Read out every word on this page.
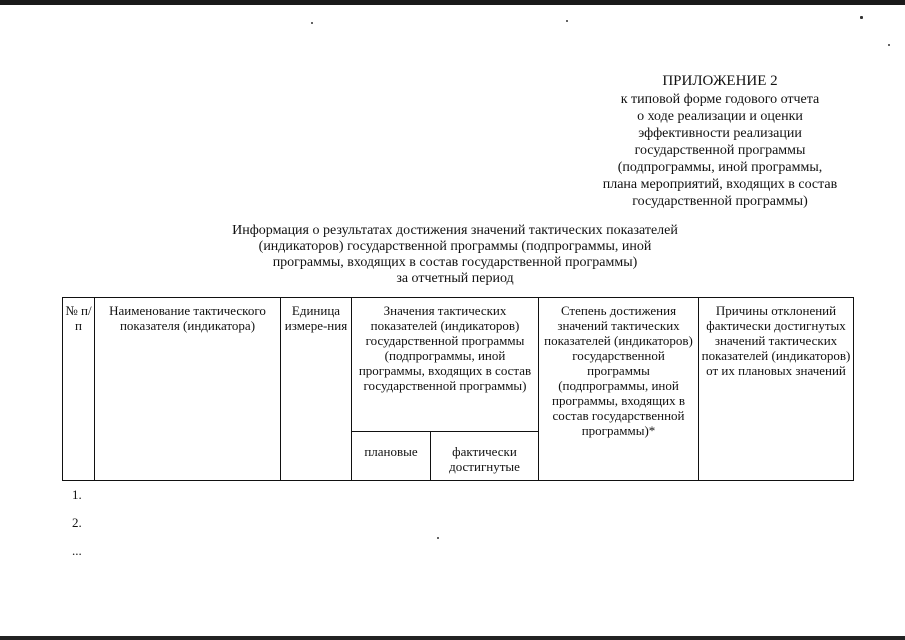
ПРИЛОЖЕНИЕ 2
к типовой форме годового отчета
о ходе реализации и оценки
эффективности реализации
государственной программы
(подпрограммы, иной программы,
плана мероприятий, входящих в состав
государственной программы)
Информация о результатах достижения значений тактических показателей
(индикаторов) государственной программы (подпрограммы, иной
программы, входящих в состав государственной программы)
за отчетный период
№ п/п	Наименование тактического показателя (индикатора)	Единица измере-ния	Значения тактических показателей (индикаторов) государственной программы (подпрограммы, иной программы, входящих в состав государственной программы)		Степень достижения значений тактических показателей (индикаторов) государственной программы (подпрограммы, иной программы, входящих в состав государственной программы)*	Причины отклонений фактически достигнутых значений тактических показателей (индикаторов) от их плановых значений
			плановые	фактически достигнутые		
1.
2.
...
